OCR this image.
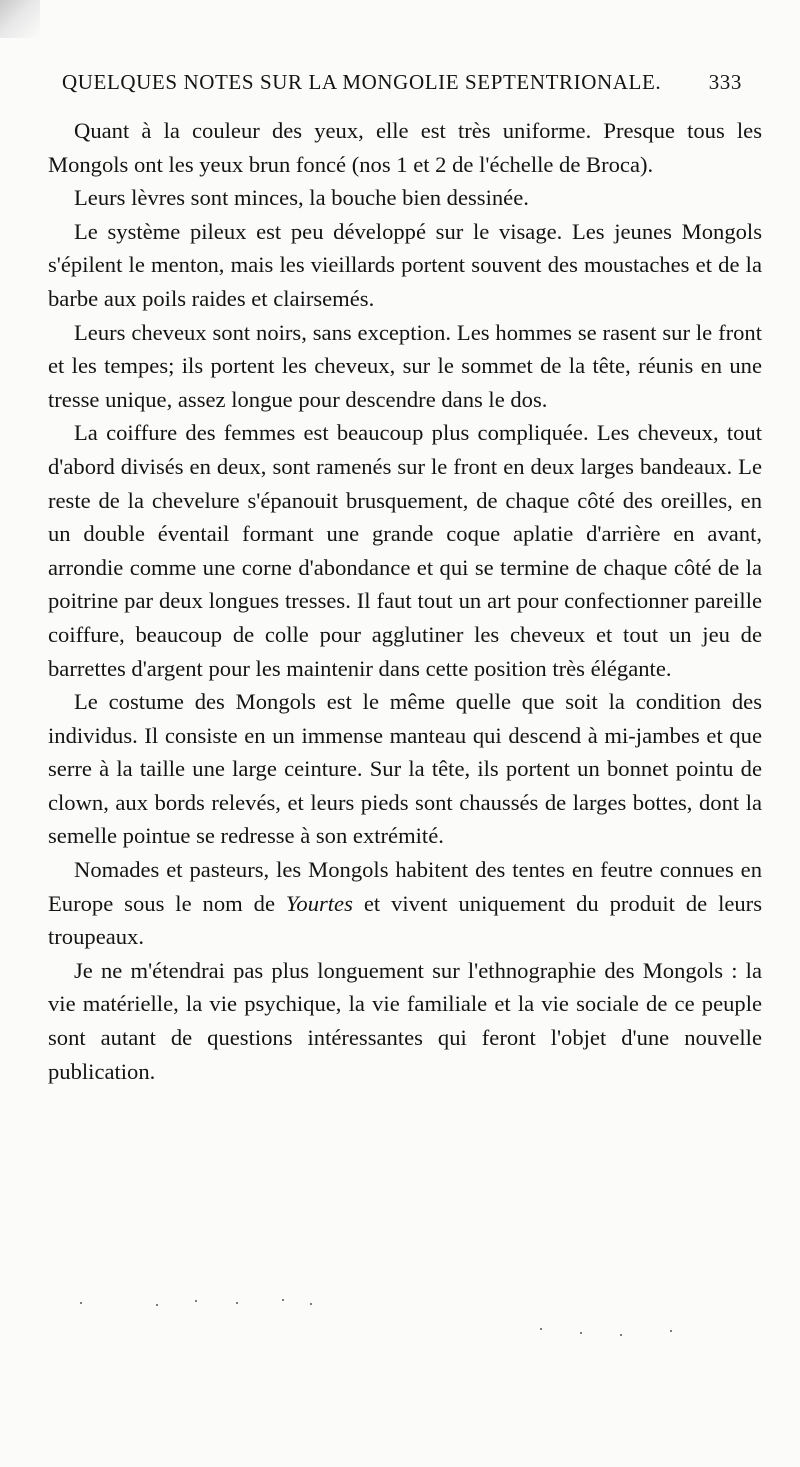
QUELQUES NOTES SUR LA MONGOLIE SEPTENTRIONALE. 333

Quant à la couleur des yeux, elle est très uniforme. Presque tous les Mongols ont les yeux brun foncé (nos 1 et 2 de l'échelle de Broca).

Leurs lèvres sont minces, la bouche bien dessinée.

Le système pileux est peu développé sur le visage. Les jeunes Mongols s'épilent le menton, mais les vieillards portent souvent des moustaches et de la barbe aux poils raides et clairsemés.

Leurs cheveux sont noirs, sans exception. Les hommes se rasent sur le front et les tempes; ils portent les cheveux, sur le sommet de la tête, réunis en une tresse unique, assez longue pour descendre dans le dos.

La coiffure des femmes est beaucoup plus compliquée. Les cheveux, tout d'abord divisés en deux, sont ramenés sur le front en deux larges bandeaux. Le reste de la chevelure s'épanouit brusquement, de chaque côté des oreilles, en un double éventail formant une grande coque aplatie d'arrière en avant, arrondie comme une corne d'abondance et qui se termine de chaque côté de la poitrine par deux longues tresses. Il faut tout un art pour confectionner pareille coiffure, beaucoup de colle pour agglutiner les cheveux et tout un jeu de barrettes d'argent pour les maintenir dans cette position très élégante.

Le costume des Mongols est le même quelle que soit la condition des individus. Il consiste en un immense manteau qui descend à mi-jambes et que serre à la taille une large ceinture. Sur la tête, ils portent un bonnet pointu de clown, aux bords relevés, et leurs pieds sont chaussés de larges bottes, dont la semelle pointue se redresse à son extrémité.

Nomades et pasteurs, les Mongols habitent des tentes en feutre connues en Europe sous le nom de Yourtes et vivent uniquement du produit de leurs troupeaux.

Je ne m'étendrai pas plus longuement sur l'ethnographie des Mongols : la vie matérielle, la vie psychique, la vie familiale et la vie sociale de ce peuple sont autant de questions intéressantes qui feront l'objet d'une nouvelle publication.
